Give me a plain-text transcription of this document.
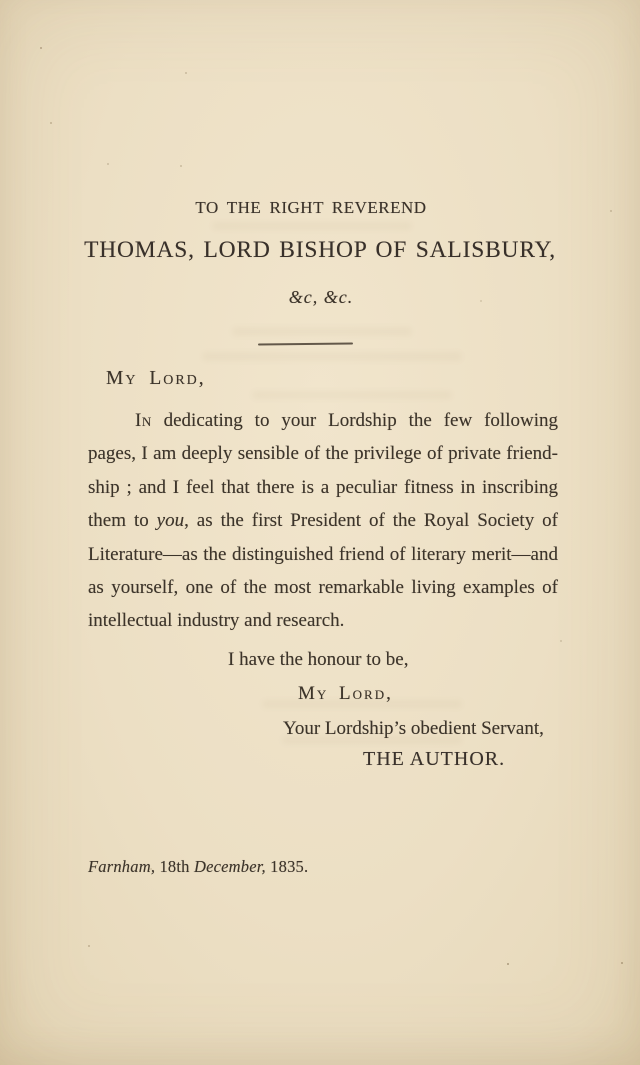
TO THE RIGHT REVEREND
THOMAS, LORD BISHOP OF SALISBURY,
&c, &c.
My Lord,
In dedicating to your Lordship the few following
pages, I am deeply sensible of the privilege of private friend-
ship ; and I feel that there is a peculiar fitness in inscribing
them to you, as the first President of the Royal Society of
Literature—as the distinguished friend of literary merit—and
as yourself, one of the most remarkable living examples of
intellectual industry and research.
I have the honour to be,
My Lord,
Your Lordship’s obedient Servant,
THE AUTHOR.
Farnham, 18th December, 1835.
